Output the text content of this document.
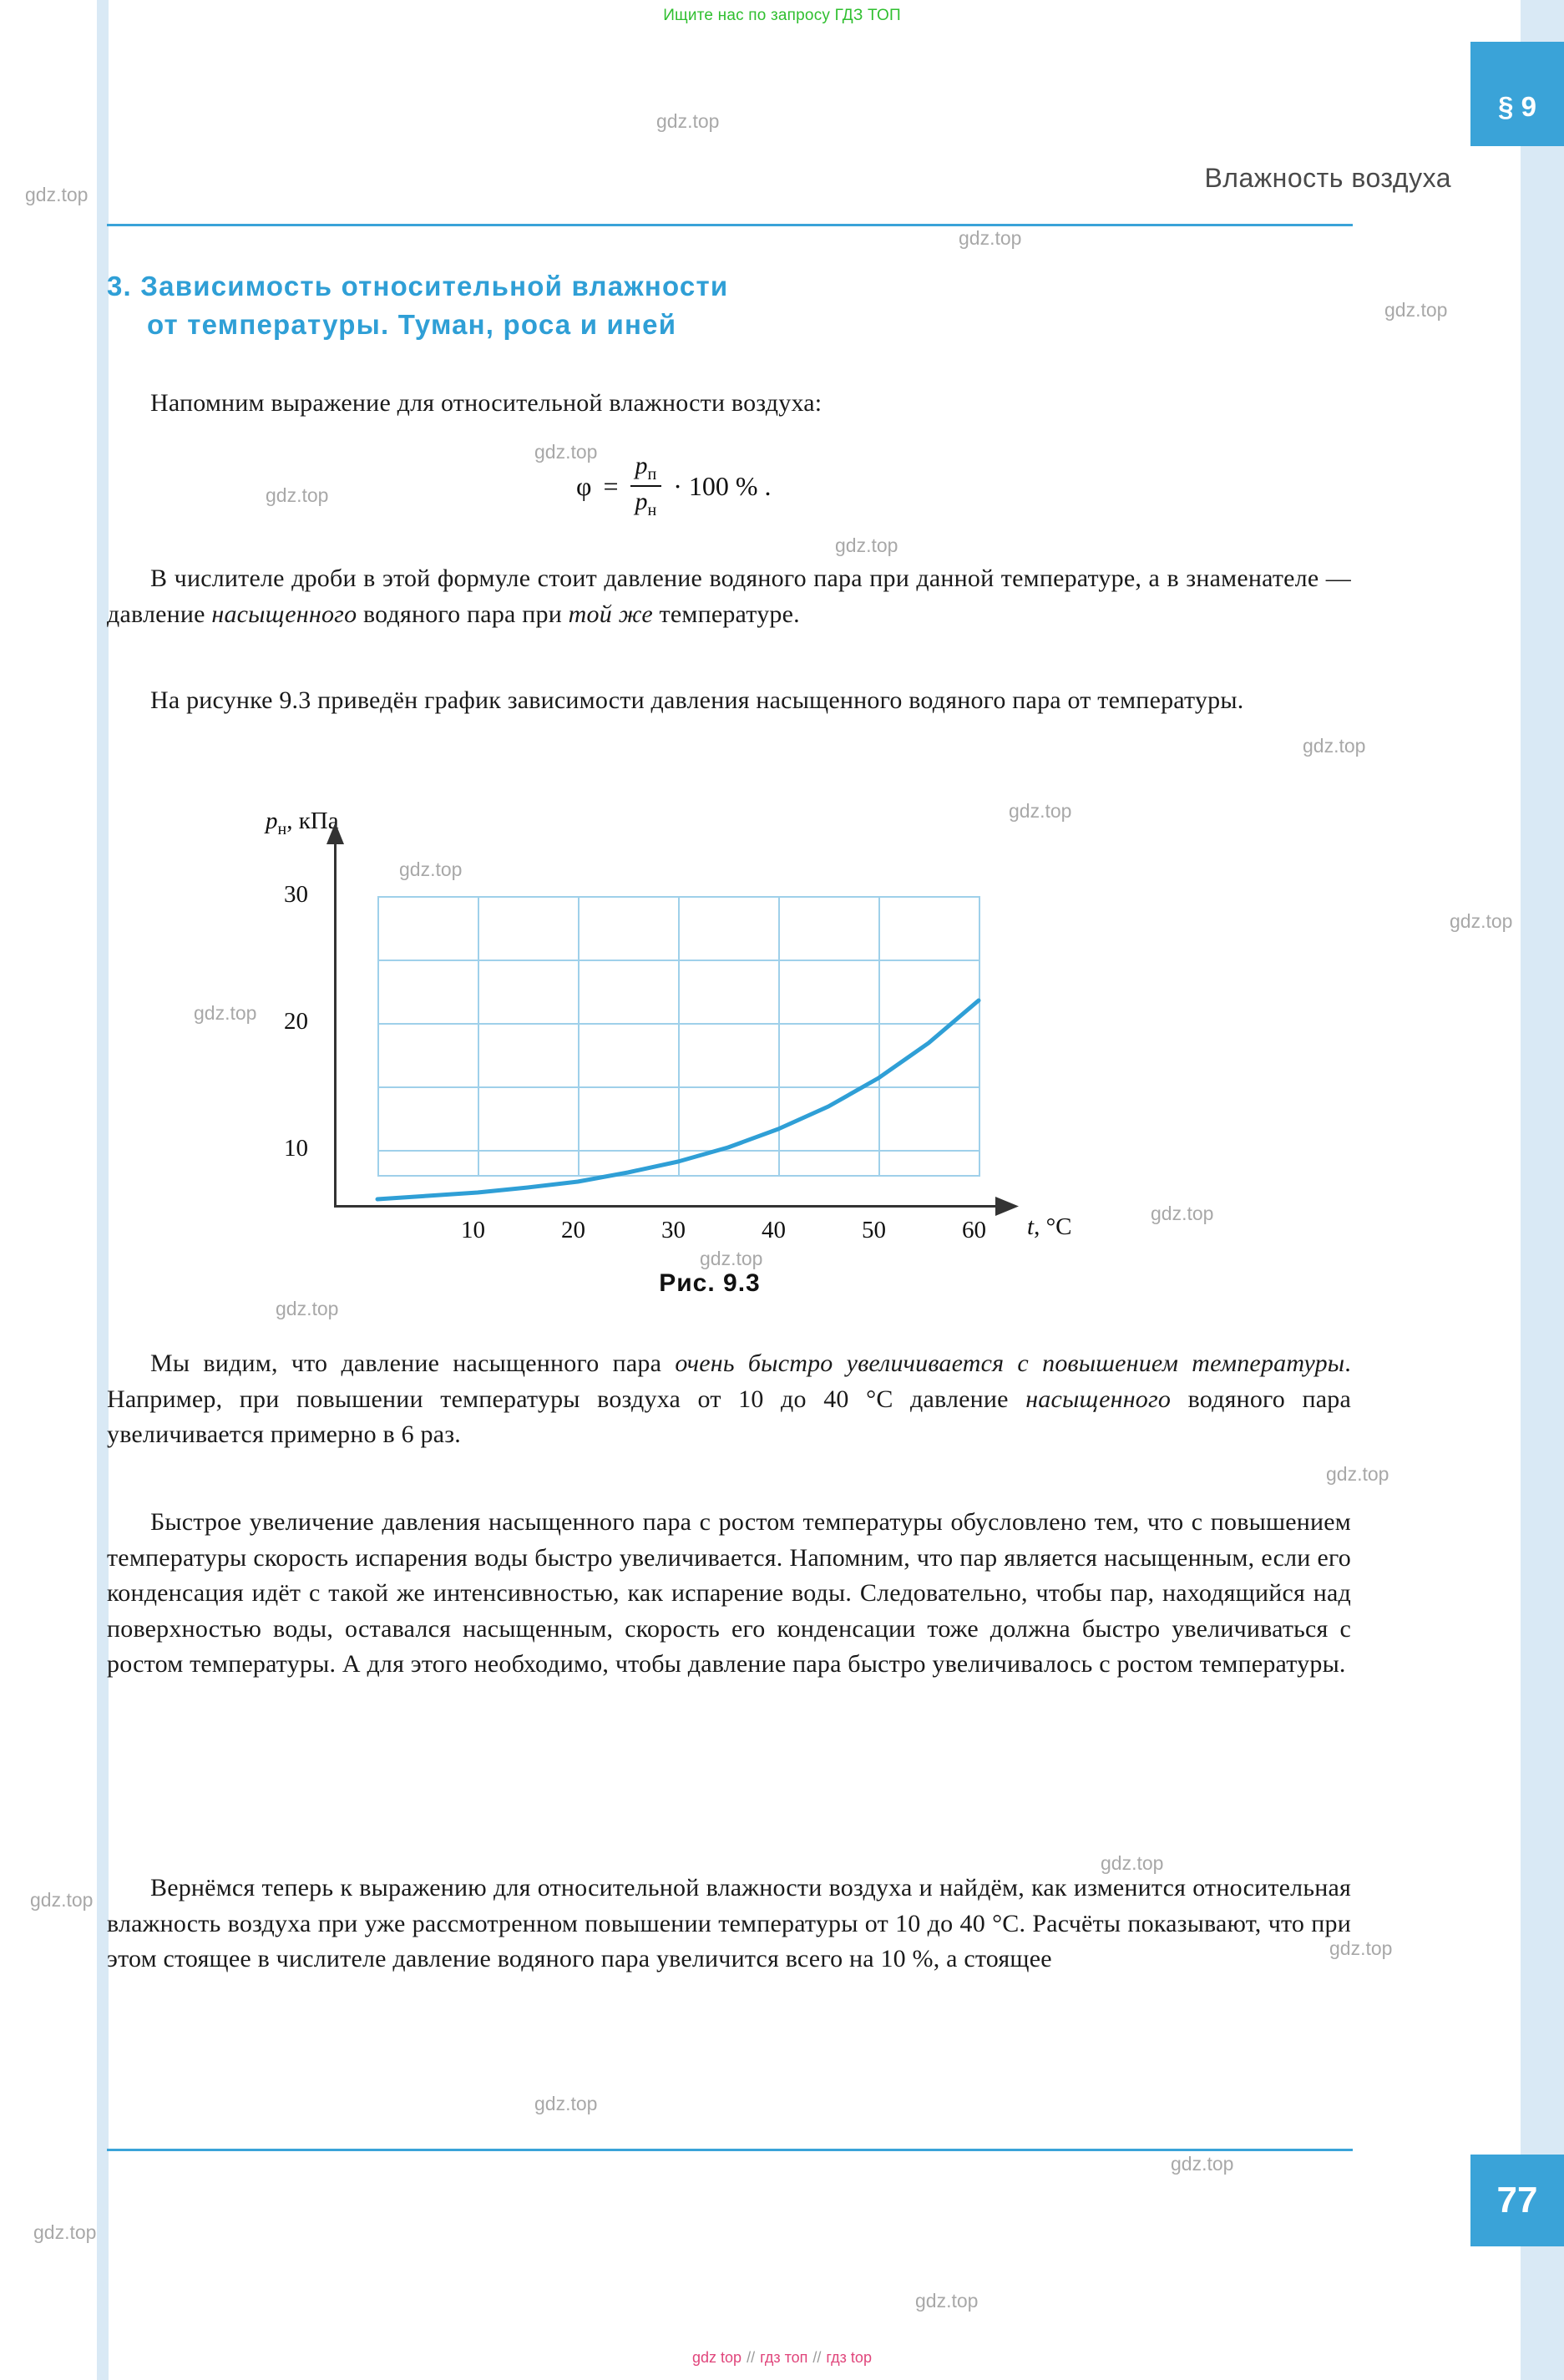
Ищите нас по запросу ГДЗ ТОП
§ 9
Влажность воздуха
3. Зависимость относительной влажности
от температуры. Туман, роса и иней
Напомним выражение для относительной влажности воздуха:
$\varphi = \frac{p_п}{p_н} \cdot 100$ % .
В числителе дроби в этой формуле стоит давление водяного пара при данной температуре, а в знаменателе — давление насыщенного водяного пара при той же температуре.
На рисунке 9.3 приведён график зависимости давления насыщенного водяного пара от температуры.
$p_н$, кПа
30
20
10
10	20	30	40	50	60 t, °C
Рис. 9.3
Мы видим, что давление насыщенного пара очень быстро увеличивается с повышением температуры. Например, при повышении температуры воздуха от 10 до 40 °C давление насыщенного водяного пара увеличивается примерно в 6 раз.
Быстрое увеличение давления насыщенного пара с ростом температуры обусловлено тем, что с повышением температуры скорость испарения воды быстро увеличивается. Напомним, что пар является насыщенным, если его конденсация идёт с такой же интенсивностью, как испарение воды. Следовательно, чтобы пар, находящийся над поверхностью воды, оставался насыщенным, скорость его конденсации тоже должна быстро увеличиваться с ростом температуры. А для этого необходимо, чтобы давление пара быстро увеличивалось с ростом температуры.
Вернёмся теперь к выражению для относительной влажности воздуха и найдём, как изменится относительная влажность воздуха при уже рассмотренном повышении температуры от 10 до 40 °C. Расчёты показывают, что при этом стоящее в числителе давление водяного пара увеличится всего на 10 %, а стоящее
77
gdz top // гдз топ // гдз top
gdz.top
gdz.top
gdz.top
gdz.top
gdz.top
gdz.top
gdz.top
gdz.top
gdz.top
gdz.top
gdz.top
gdz.top
gdz.top
gdz.top
gdz.top
gdz.top
gdz.top
gdz.top
gdz.top
gdz.top
gdz.top
gdz.top
gdz.top
